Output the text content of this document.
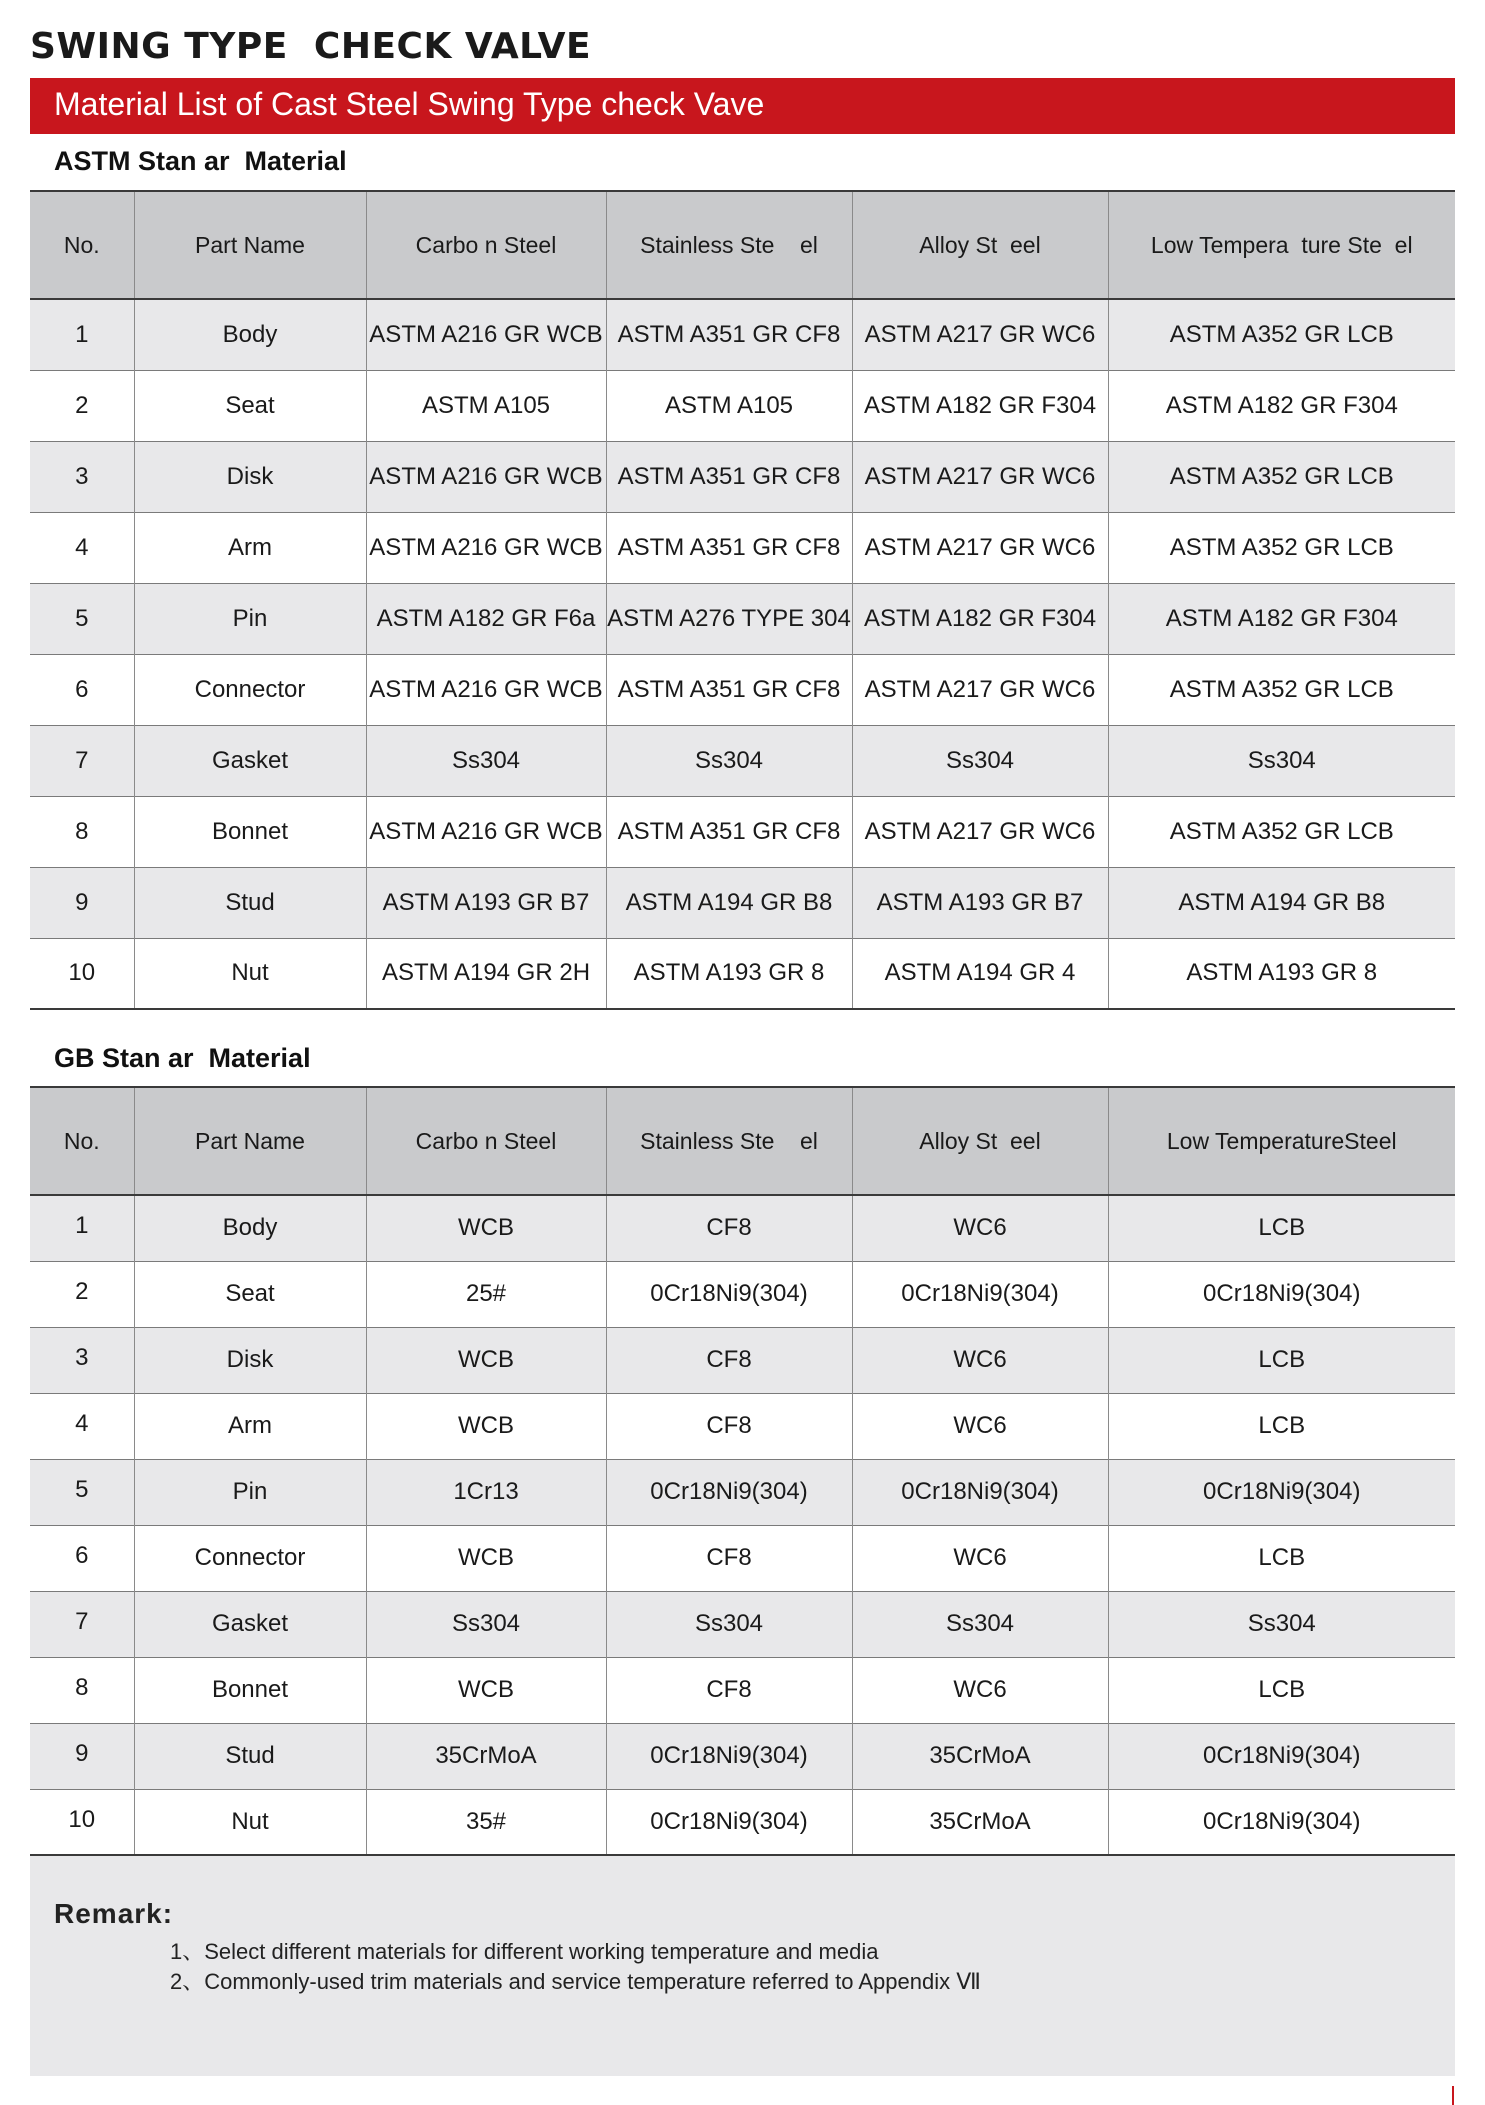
SWING TYPE  CHECK VALVE
Material List of Cast Steel Swing Type check Vave
ASTM Stan ar  Material
No.	Part Name	Carbo n Steel	Stainless Ste    el	Alloy St  eel	Low Tempera  ture Ste  el
1	Body	ASTM A216 GR WCB	ASTM A351 GR CF8	ASTM A217 GR WC6	ASTM A352 GR LCB
2	Seat	ASTM A105	ASTM A105	ASTM A182 GR F304	ASTM A182 GR F304
3	Disk	ASTM A216 GR WCB	ASTM A351 GR CF8	ASTM A217 GR WC6	ASTM A352 GR LCB
4	Arm	ASTM A216 GR WCB	ASTM A351 GR CF8	ASTM A217 GR WC6	ASTM A352 GR LCB
5	Pin	ASTM A182 GR F6a	ASTM A276 TYPE 304	ASTM A182 GR F304	ASTM A182 GR F304
6	Connector	ASTM A216 GR WCB	ASTM A351 GR CF8	ASTM A217 GR WC6	ASTM A352 GR LCB
7	Gasket	Ss304	Ss304	Ss304	Ss304
8	Bonnet	ASTM A216 GR WCB	ASTM A351 GR CF8	ASTM A217 GR WC6	ASTM A352 GR LCB
9	Stud	ASTM A193 GR B7	ASTM A194 GR B8	ASTM A193 GR B7	ASTM A194 GR B8
10	Nut	ASTM A194 GR 2H	ASTM A193 GR 8	ASTM A194 GR 4	ASTM A193 GR 8
GB Stan ar  Material
No.	Part Name	Carbo n Steel	Stainless Ste    el	Alloy St  eel	Low TemperatureSteel
1	Body	WCB	CF8	WC6	LCB
2	Seat	25#	0Cr18Ni9(304)	0Cr18Ni9(304)	0Cr18Ni9(304)
3	Disk	WCB	CF8	WC6	LCB
4	Arm	WCB	CF8	WC6	LCB
5	Pin	1Cr13	0Cr18Ni9(304)	0Cr18Ni9(304)	0Cr18Ni9(304)
6	Connector	WCB	CF8	WC6	LCB
7	Gasket	Ss304	Ss304	Ss304	Ss304
8	Bonnet	WCB	CF8	WC6	LCB
9	Stud	35CrMoA	0Cr18Ni9(304)	35CrMoA	0Cr18Ni9(304)
10	Nut	35#	0Cr18Ni9(304)	35CrMoA	0Cr18Ni9(304)
Remark:
1、Select different materials for different working temperature and media
2、Commonly-used trim materials and service temperature referred to Appendix Ⅶ
